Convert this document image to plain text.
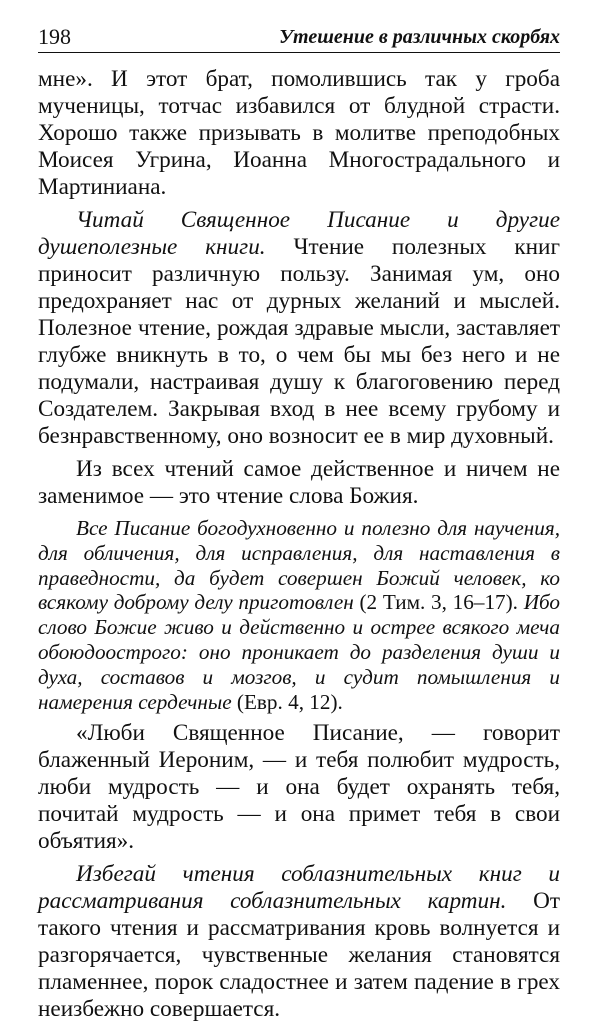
198	Утешение в различных скорбях

мне». И этот брат, помолившись так у гроба мученицы, тотчас избавился от блудной страсти. Хорошо также призывать в молитве преподобных Моисея Угрина, Иоанна Многострадального и Мартиниана.

Читай Священное Писание и другие душеполезные книги. Чтение полезных книг приносит различную пользу. Занимая ум, оно предохраняет нас от дурных желаний и мыслей. Полезное чтение, рождая здравые мысли, заставляет глубже вникнуть в то, о чем бы мы без него и не подумали, настраивая душу к благоговению перед Создателем. Закрывая вход в нее всему грубому и безнравственному, оно возносит ее в мир духовный.

Из всех чтений самое действенное и ничем не заменимое — это чтение слова Божия.

Все Писание богодухновенно и полезно для научения, для обличения, для исправления, для наставления в праведности, да будет совершен Божий человек, ко всякому доброму делу приготовлен (2 Тим. 3, 16–17). Ибо слово Божие живо и действенно и острее всякого меча обоюдоострого: оно проникает до разделения души и духа, составов и мозгов, и судит помышления и намерения сердечные (Евр. 4, 12).

«Люби Священное Писание, — говорит блаженный Иероним, — и тебя полюбит мудрость, люби мудрость — и она будет охранять тебя, почитай мудрость — и она примет тебя в свои объятия».

Избегай чтения соблазнительных книг и рассматривания соблазнительных картин. От такого чтения и рассматривания кровь волнуется и разгорячается, чувственные желания становятся пламеннее, порок сладостнее и затем падение в грех неизбежно совершается.
